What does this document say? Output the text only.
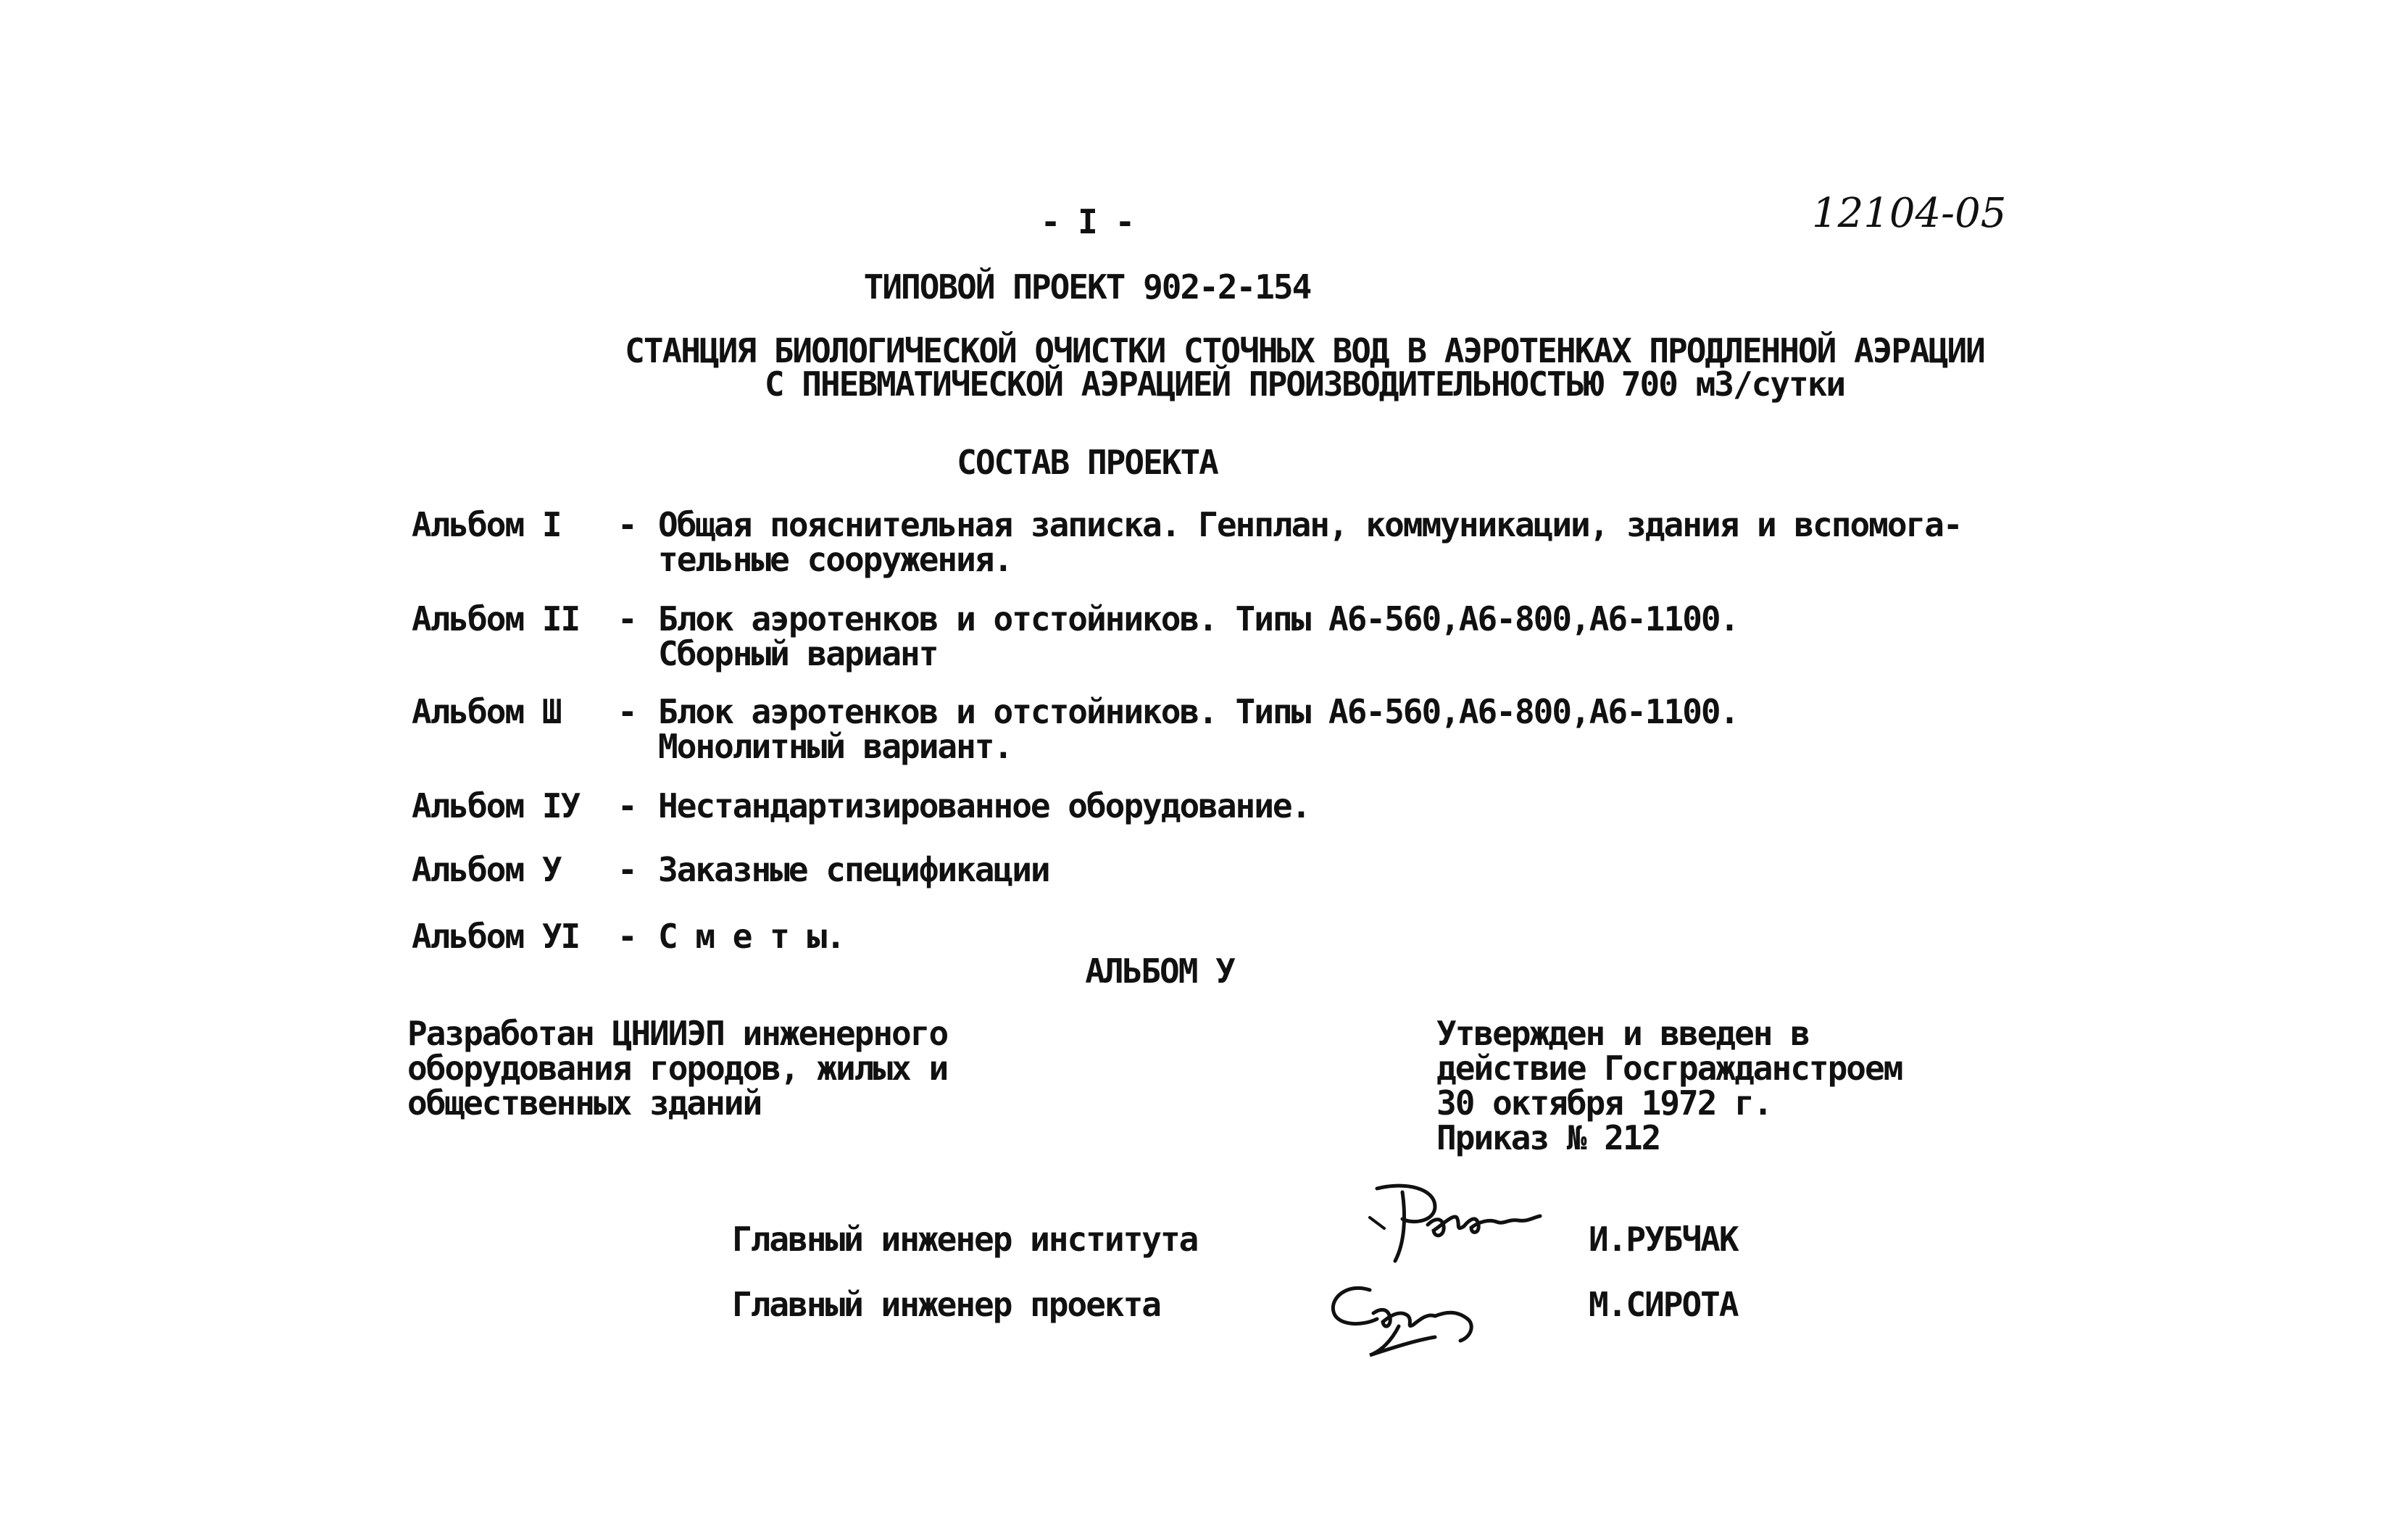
- I -	12104-05
ТИПОВОЙ ПРОЕКТ 902-2-154
СТАНЦИЯ БИОЛОГИЧЕСКОЙ ОЧИСТКИ СТОЧНЫХ ВОД В АЭРОТЕНКАХ ПРОДЛЕННОЙ АЭРАЦИИ
С ПНЕВМАТИЧЕСКОЙ АЭРАЦИЕЙ ПРОИЗВОДИТЕЛЬНОСТЬЮ 700 м3/сутки
СОСТАВ ПРОЕКТА
Альбом I - Общая пояснительная записка. Генплан, коммуникации, здания и вспомога-
тельные сооружения.
Альбом II - Блок аэротенков и отстойников. Типы А6-560,А6-800,А6-1100.
Сборный вариант
Альбом Ш - Блок аэротенков и отстойников. Типы А6-560,А6-800,А6-1100.
Монолитный вариант.
Альбом IУ - Нестандартизированное оборудование.
Альбом У - Заказные спецификации
Альбом УI - С м е т ы.
АЛЬБОМ У
Разработан ЦНИИЭП инженерного
оборудования городов, жилых и
общественных зданий
Утвержден и введен в
действие Госгражданстроем
30 октября 1972 г.
Приказ № 212
Главный инженер института	И.РУБЧАК
Главный инженер проекта	М.СИРОТА
